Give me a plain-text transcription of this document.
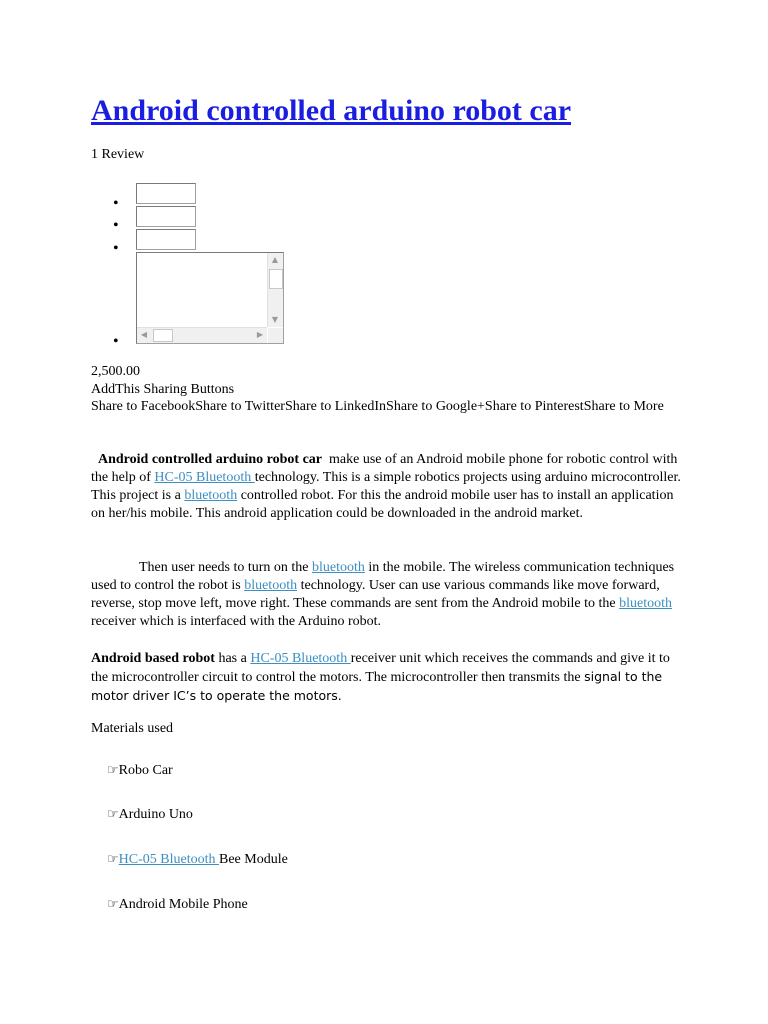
Android controlled arduino robot car
1 Review
•
•
•
•
▲
▼
◀	▶
2,500.00
AddThis Sharing Buttons
Share to FacebookShare to TwitterShare to LinkedInShare to Google+Share to PinterestShare to More
Android controlled arduino robot car make use of an Android mobile phone for robotic control with the help of HC-05 Bluetooth technology. This is a simple robotics projects using arduino microcontroller. This project is a bluetooth controlled robot. For this the android mobile user has to install an application on her/his mobile. This android application could be downloaded in the android market.
Then user needs to turn on the bluetooth in the mobile. The wireless communication techniques used to control the robot is bluetooth technology. User can use various commands like move forward, reverse, stop move left, move right. These commands are sent from the Android mobile to the bluetooth receiver which is interfaced with the Arduino robot.
Android based robot has a HC-05 Bluetooth receiver unit which receives the commands and give it to the microcontroller circuit to control the motors. The microcontroller then transmits the signal to the motor driver IC’s to operate the motors.
Materials used
☞Robo Car
☞Arduino Uno
☞HC-05 Bluetooth Bee Module
☞Android Mobile Phone
